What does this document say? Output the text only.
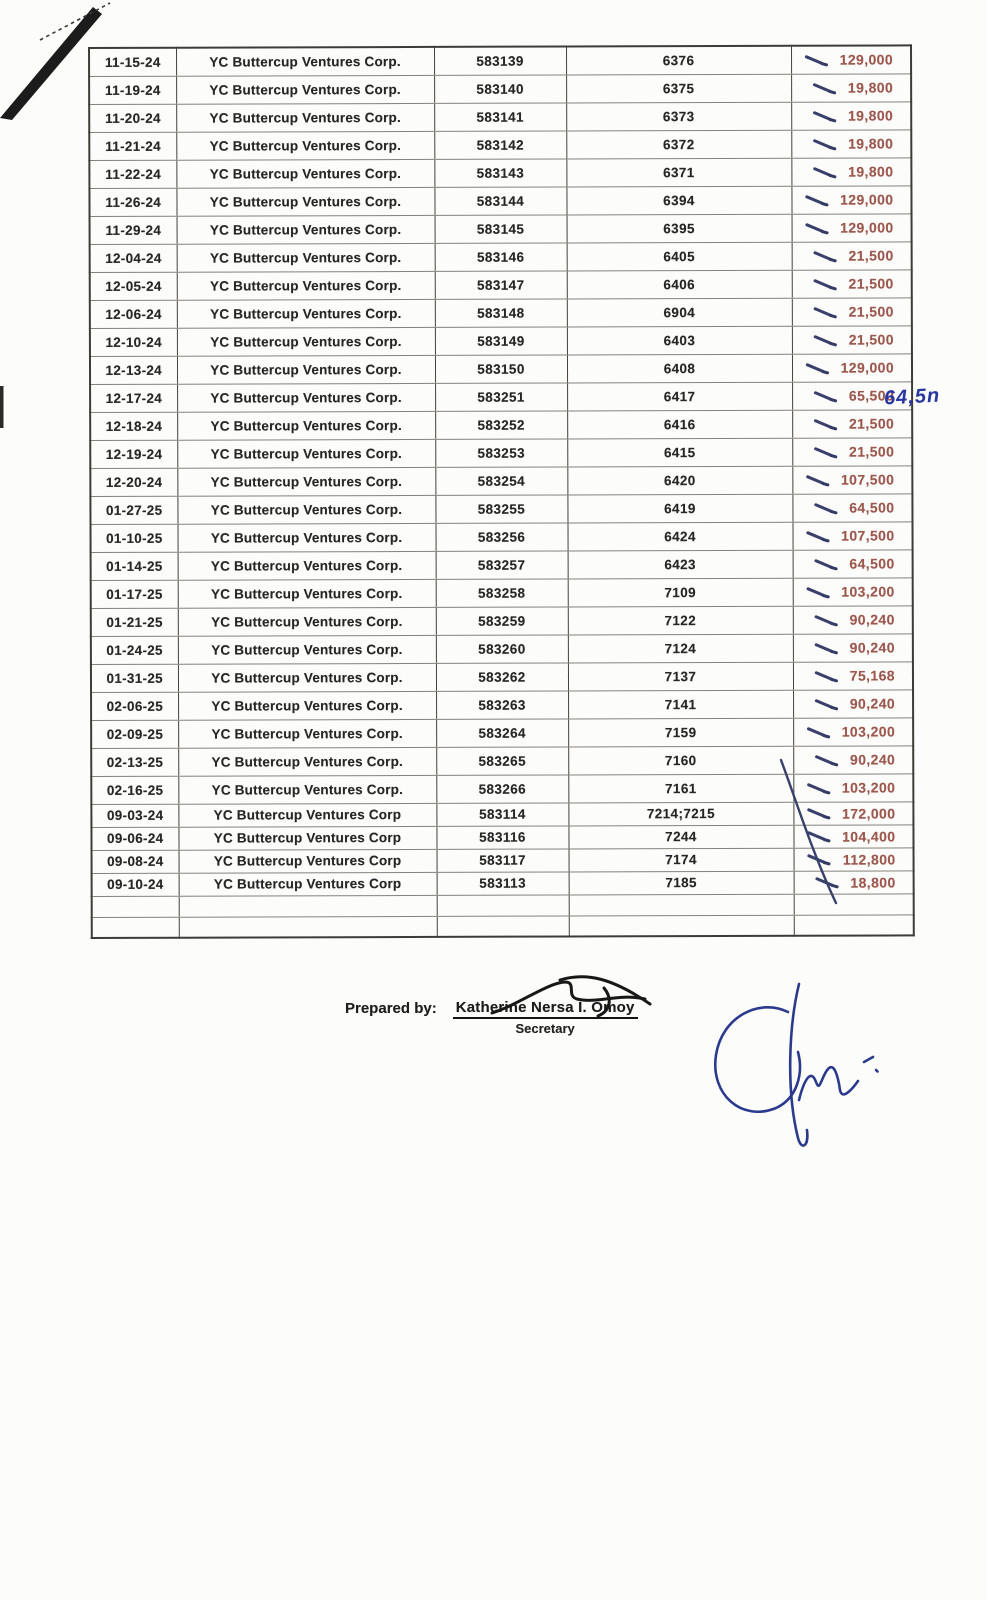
11-15-24	YC Buttercup Ventures Corp.	583139	6376	129,000

11-19-24	YC Buttercup Ventures Corp.	583140	6375	19,800

11-20-24	YC Buttercup Ventures Corp.	583141	6373	19,800

11-21-24	YC Buttercup Ventures Corp.	583142	6372	19,800

11-22-24	YC Buttercup Ventures Corp.	583143	6371	19,800

11-26-24	YC Buttercup Ventures Corp.	583144	6394	129,000

11-29-24	YC Buttercup Ventures Corp.	583145	6395	129,000

12-04-24	YC Buttercup Ventures Corp.	583146	6405	21,500

12-05-24	YC Buttercup Ventures Corp.	583147	6406	21,500

12-06-24	YC Buttercup Ventures Corp.	583148	6904	21,500

12-10-24	YC Buttercup Ventures Corp.	583149	6403	21,500

12-13-24	YC Buttercup Ventures Corp.	583150	6408	129,000

12-17-24	YC Buttercup Ventures Corp.	583251	6417	65,500

12-18-24	YC Buttercup Ventures Corp.	583252	6416	21,500

12-19-24	YC Buttercup Ventures Corp.	583253	6415	21,500

12-20-24	YC Buttercup Ventures Corp.	583254	6420	107,500

01-27-25	YC Buttercup Ventures Corp.	583255	6419	64,500

01-10-25	YC Buttercup Ventures Corp.	583256	6424	107,500

01-14-25	YC Buttercup Ventures Corp.	583257	6423	64,500

01-17-25	YC Buttercup Ventures Corp.	583258	7109	103,200

01-21-25	YC Buttercup Ventures Corp.	583259	7122	90,240

01-24-25	YC Buttercup Ventures Corp.	583260	7124	90,240

01-31-25	YC Buttercup Ventures Corp.	583262	7137	75,168

02-06-25	YC Buttercup Ventures Corp.	583263	7141	90,240

02-09-25	YC Buttercup Ventures Corp.	583264	7159	103,200

02-13-25	YC Buttercup Ventures Corp.	583265	7160	90,240

02-16-25	YC Buttercup Ventures Corp.	583266	7161	103,200

09-03-24	YC Buttercup Ventures Corp	583114	7214;7215	172,000

09-06-24	YC Buttercup Ventures Corp	583116	7244	104,400

09-08-24	YC Buttercup Ventures Corp	583117	7174	112,800

09-10-24	YC Buttercup Ventures Corp	583113	7185	18,800

64,5n
Prepared by: Katherine Nersa I. Omoy
Secretary
